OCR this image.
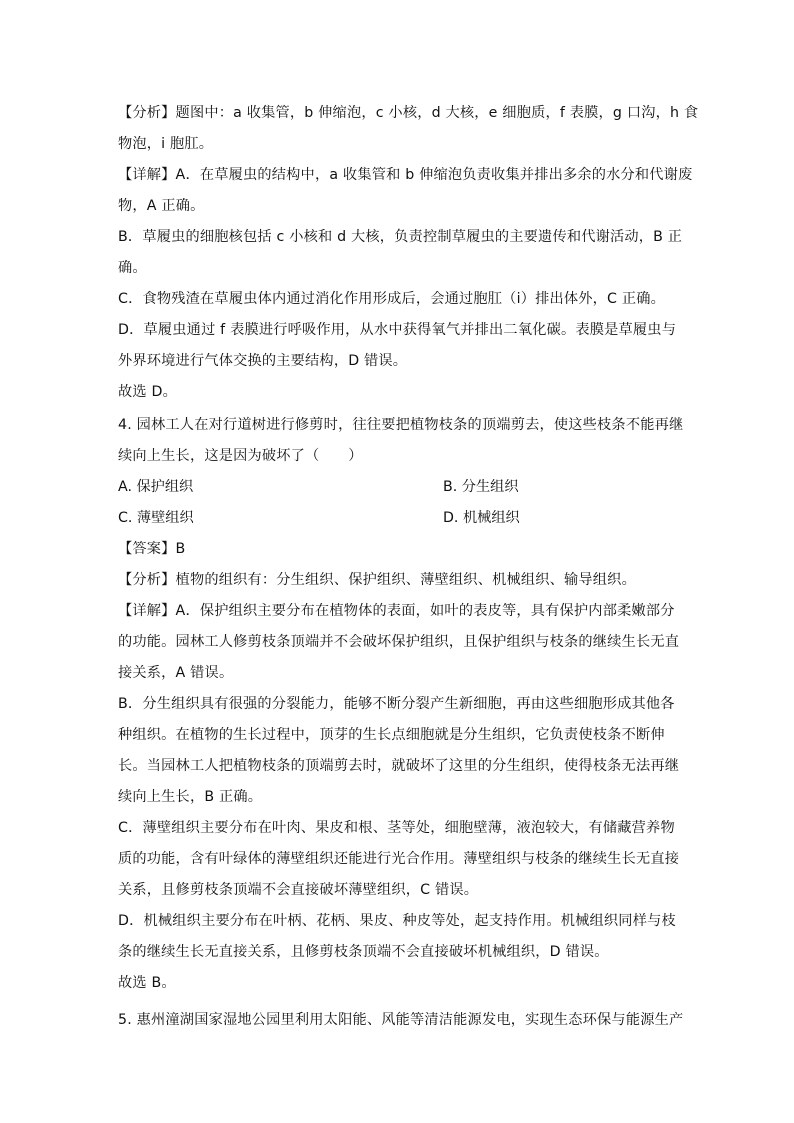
【分析】题图中：a 收集管，b 伸缩泡，c 小核，d 大核，e 细胞质，f 表膜，g 口沟，h 食
物泡，i 胞肛。
【详解】A．在草履虫的结构中，a 收集管和 b 伸缩泡负责收集并排出多余的水分和代谢废
物，A 正确。
B．草履虫的细胞核包括 c 小核和 d 大核，负责控制草履虫的主要遗传和代谢活动，B 正
确。
C．食物残渣在草履虫体内通过消化作用形成后，会通过胞肛（i）排出体外，C 正确。
D．草履虫通过 f 表膜进行呼吸作用，从水中获得氧气并排出二氧化碳。表膜是草履虫与
外界环境进行气体交换的主要结构，D 错误。
故选 D。
4. 园林工人在对行道树进行修剪时，往往要把植物枝条的顶端剪去，使这些枝条不能再继
续向上生长，这是因为破坏了（　　）
A. 保护组织	B. 分生组织
C. 薄壁组织	D. 机械组织
【答案】B
【分析】植物的组织有：分生组织、保护组织、薄壁组织、机械组织、输导组织。
【详解】A．保护组织主要分布在植物体的表面，如叶的表皮等，具有保护内部柔嫩部分
的功能。园林工人修剪枝条顶端并不会破坏保护组织，且保护组织与枝条的继续生长无直
接关系，A 错误。
B．分生组织具有很强的分裂能力，能够不断分裂产生新细胞，再由这些细胞形成其他各
种组织。在植物的生长过程中，顶芽的生长点细胞就是分生组织，它负责使枝条不断伸
长。当园林工人把植物枝条的顶端剪去时，就破坏了这里的分生组织，使得枝条无法再继
续向上生长，B 正确。
C．薄壁组织主要分布在叶肉、果皮和根、茎等处，细胞壁薄，液泡较大，有储藏营养物
质的功能，含有叶绿体的薄壁组织还能进行光合作用。薄壁组织与枝条的继续生长无直接
关系，且修剪枝条顶端不会直接破坏薄壁组织，C 错误。
D．机械组织主要分布在叶柄、花柄、果皮、种皮等处，起支持作用。机械组织同样与枝
条的继续生长无直接关系，且修剪枝条顶端不会直接破坏机械组织，D 错误。
故选 B。
5. 惠州潼湖国家湿地公园里利用太阳能、风能等清洁能源发电，实现生态环保与能源生产
